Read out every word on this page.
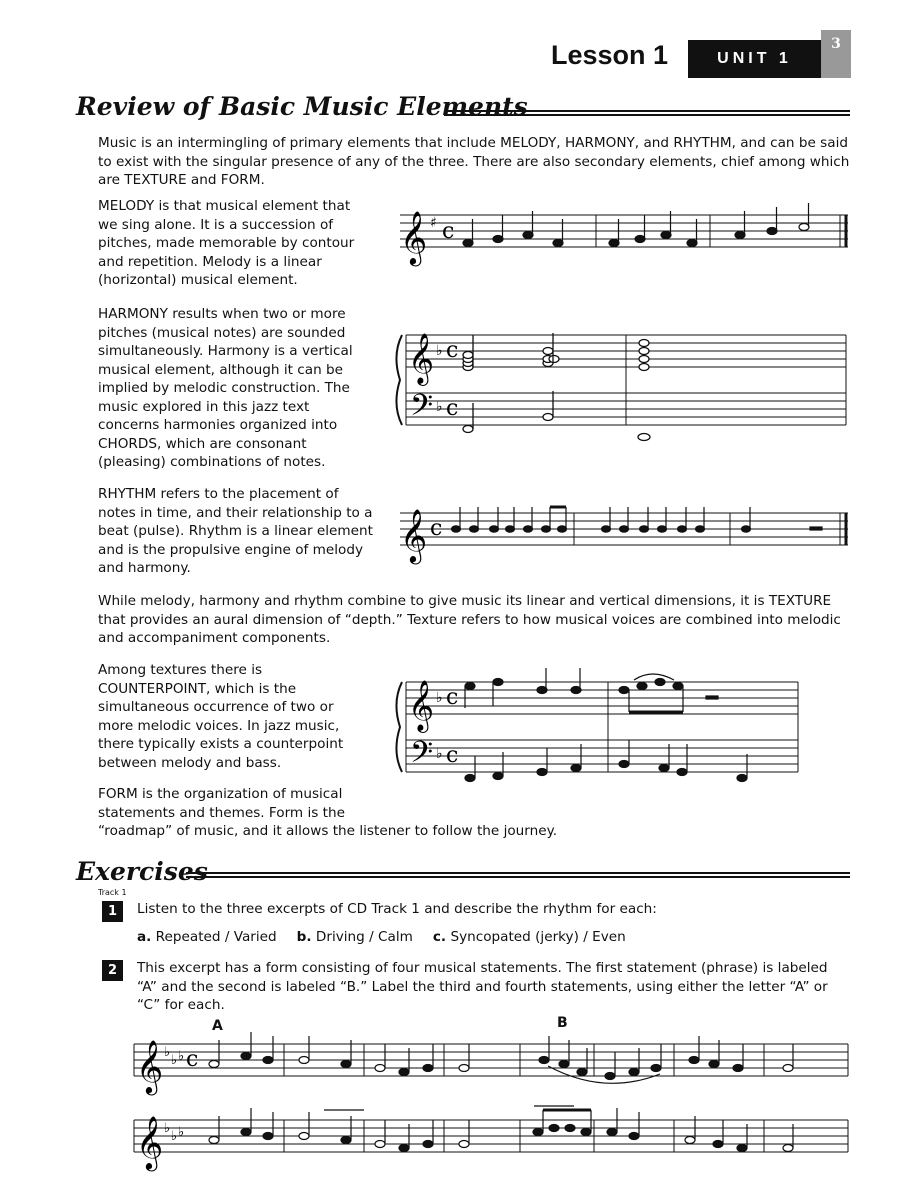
Lesson 1	UNIT 1
3
Review of Basic Music Elements
Music is an intermingling of primary elements that include MELODY, HARMONY, and RHYTHM, and can be said to exist with the singular presence of any of the three. There are also secondary elements, chief among which are TEXTURE and FORM.
MELODY is that musical element that we sing alone. It is a succession of pitches, made memorable by contour and repetition. Melody is a linear (horizontal) musical element.
HARMONY results when two or more pitches (musical notes) are sounded simultaneously. Harmony is a vertical musical element, although it can be implied by melodic construction. The music explored in this jazz text concerns harmonies organized into CHORDS, which are consonant (pleasing) combinations of notes.
RHYTHM refers to the placement of notes in time, and their relationship to a beat (pulse). Rhythm is a linear element and is the propulsive engine of melody and harmony.
While melody, harmony and rhythm combine to give music its linear and vertical dimensions, it is TEXTURE that provides an aural dimension of “depth.” Texture refers to how musical voices are combined into melodic and accompaniment components.
Among textures there is COUNTERPOINT, which is the simultaneous occurrence of two or more melodic voices. In jazz music, there typically exists a counterpoint between melody and bass.
FORM is the organization of musical
statements and themes. Form is the
“roadmap” of music, and it allows the listener to follow the journey.
𝄞 ♯ c
𝄞 ♭ c
𝄢 ♭ c
𝄞 c
𝄞 ♭ c
𝄢 ♭ c
Exercises
Track 1
1	Listen to the three excerpts of CD Track 1 and describe the rhythm for each:
a. Repeated / Varied b. Driving / Calm c. Syncopated (jerky) / Even
2	This excerpt has a form consisting of four musical statements. The first statement (phrase) is labeled “A” and the second is labeled “B.” Label the third and fourth statements, using either the letter “A” or “C” for each.
A	B
𝄞 ♭
♭ ♭ c
𝄞 ♭
♭ ♭
